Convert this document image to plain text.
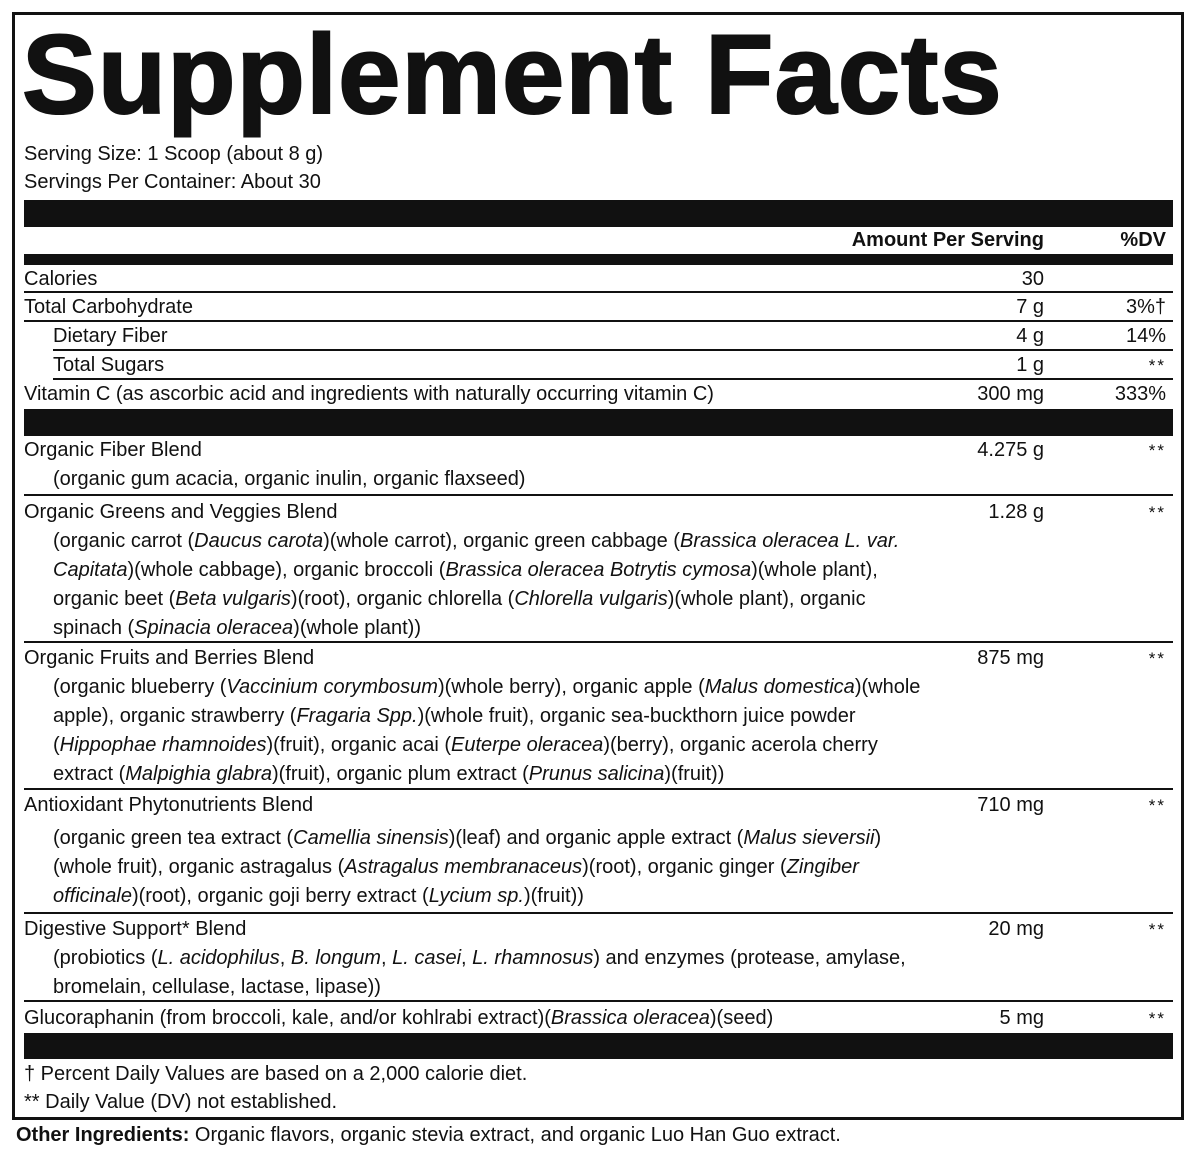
Supplement Facts
Serving Size: 1 Scoop (about 8 g)
Servings Per Container: About 30
Amount Per Serving	%DV
Calories	30
Total Carbohydrate	7 g	3%†
Dietary Fiber	4 g	14%
Total Sugars	1 g	**
Vitamin C (as ascorbic acid and ingredients with naturally occurring vitamin C)	300 mg	333%
Organic Fiber Blend	4.275 g	**
(organic gum acacia, organic inulin, organic flaxseed)
Organic Greens and Veggies Blend	1.28 g	**
(organic carrot (Daucus carota)(whole carrot), organic green cabbage (Brassica oleracea L. var. Capitata)(whole cabbage), organic broccoli (Brassica oleracea Botrytis cymosa)(whole plant), organic beet (Beta vulgaris)(root), organic chlorella (Chlorella vulgaris)(whole plant), organic spinach (Spinacia oleracea)(whole plant))
Organic Fruits and Berries Blend	875 mg	**
(organic blueberry (Vaccinium corymbosum)(whole berry), organic apple (Malus domestica)(whole apple), organic strawberry (Fragaria Spp.)(whole fruit), organic sea-buckthorn juice powder (Hippophae rhamnoides)(fruit), organic acai (Euterpe oleracea)(berry), organic acerola cherry extract (Malpighia glabra)(fruit), organic plum extract (Prunus salicina)(fruit))
Antioxidant Phytonutrients Blend	710 mg	**
(organic green tea extract (Camellia sinensis)(leaf) and organic apple extract (Malus sieversii)(whole fruit), organic astragalus (Astragalus membranaceus)(root), organic ginger (Zingiber officinale)(root), organic goji berry extract (Lycium sp.)(fruit))
Digestive Support* Blend	20 mg	**
(probiotics (L. acidophilus, B. longum, L. casei, L. rhamnosus) and enzymes (protease, amylase, bromelain, cellulase, lactase, lipase))
Glucoraphanin (from broccoli, kale, and/or kohlrabi extract)(Brassica oleracea)(seed)	5 mg	**
† Percent Daily Values are based on a 2,000 calorie diet.
** Daily Value (DV) not established.
Other Ingredients: Organic flavors, organic stevia extract, and organic Luo Han Guo extract.
